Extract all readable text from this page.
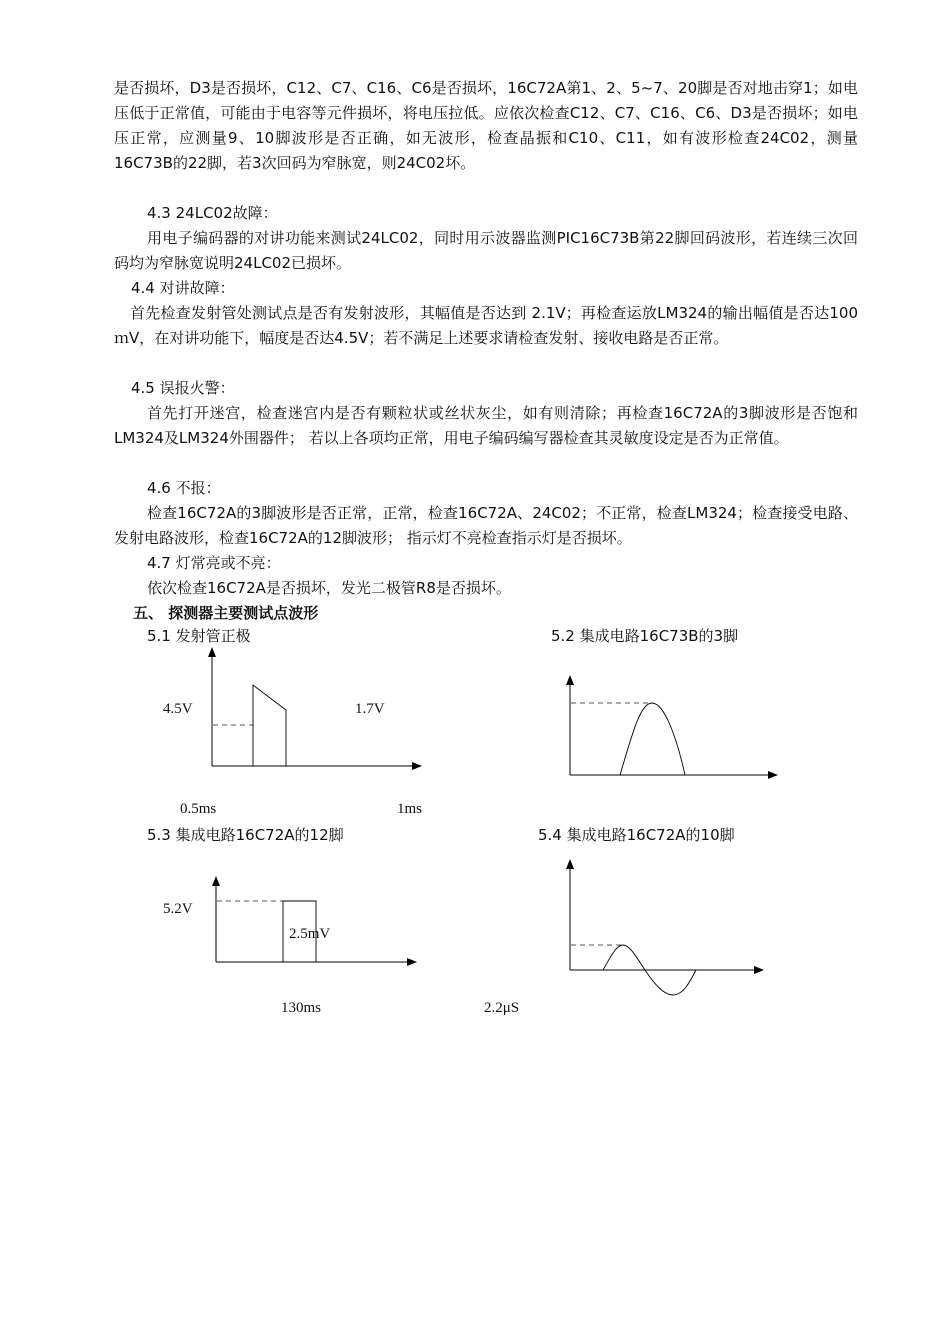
是否损坏，D3是否损坏，C12、C7、C16、C6是否损坏，16C72A第1、2、5~7、20脚是否对地击穿1；如电压低于正常值，可能由于电容等元件损坏，将电压拉低。应依次检查C12、C7、C16、C6、D3是否损坏；如电压正常，应测量9、10脚波形是否正确，如无波形，检查晶振和C10、C11，如有波形检查24C02，测量16C73B的22脚，若3次回码为窄脉宽，则24C02坏。

4.3 24LC02故障：

用电子编码器的对讲功能来测试24LC02，同时用示波器监测PIC16C73B第22脚回码波形，若连续三次回码均为窄脉宽说明24LC02已损坏。

4.4 对讲故障：

首先检查发射管处测试点是否有发射波形，其幅值是否达到 2.1V；再检查运放LM324的输出幅值是否达100ｍV，在对讲功能下，幅度是否达4.5V；若不满足上述要求请检查发射、接收电路是否正常。

4.5 误报火警：

首先打开迷宫，检查迷宫内是否有颗粒状或丝状灰尘，如有则清除；再检查16C72A的3脚波形是否饱和LM324及LM324外围器件； 若以上各项均正常，用电子编码编写器检查其灵敏度设定是否为正常值。

4.6 不报：

检查16C72A的3脚波形是否正常，正常，检查16C72A、24C02；不正常，检查LM324；检查接受电路、发射电路波形，检查16C72A的12脚波形； 指示灯不亮检查指示灯是否损坏。

4.7 灯常亮或不亮：

依次检查16C72A是否损坏，发光二极管R8是否损坏。

五、 探测器主要测试点波形

5.1 发射管正极	5.2 集成电路16C73B的3脚
5.3 集成电路16C72A的12脚	5.4 集成电路16C72A的10脚
4.5V	1.7V
0.5ms	1ms
5.2V
2.5mV
130ms	2.2μS
